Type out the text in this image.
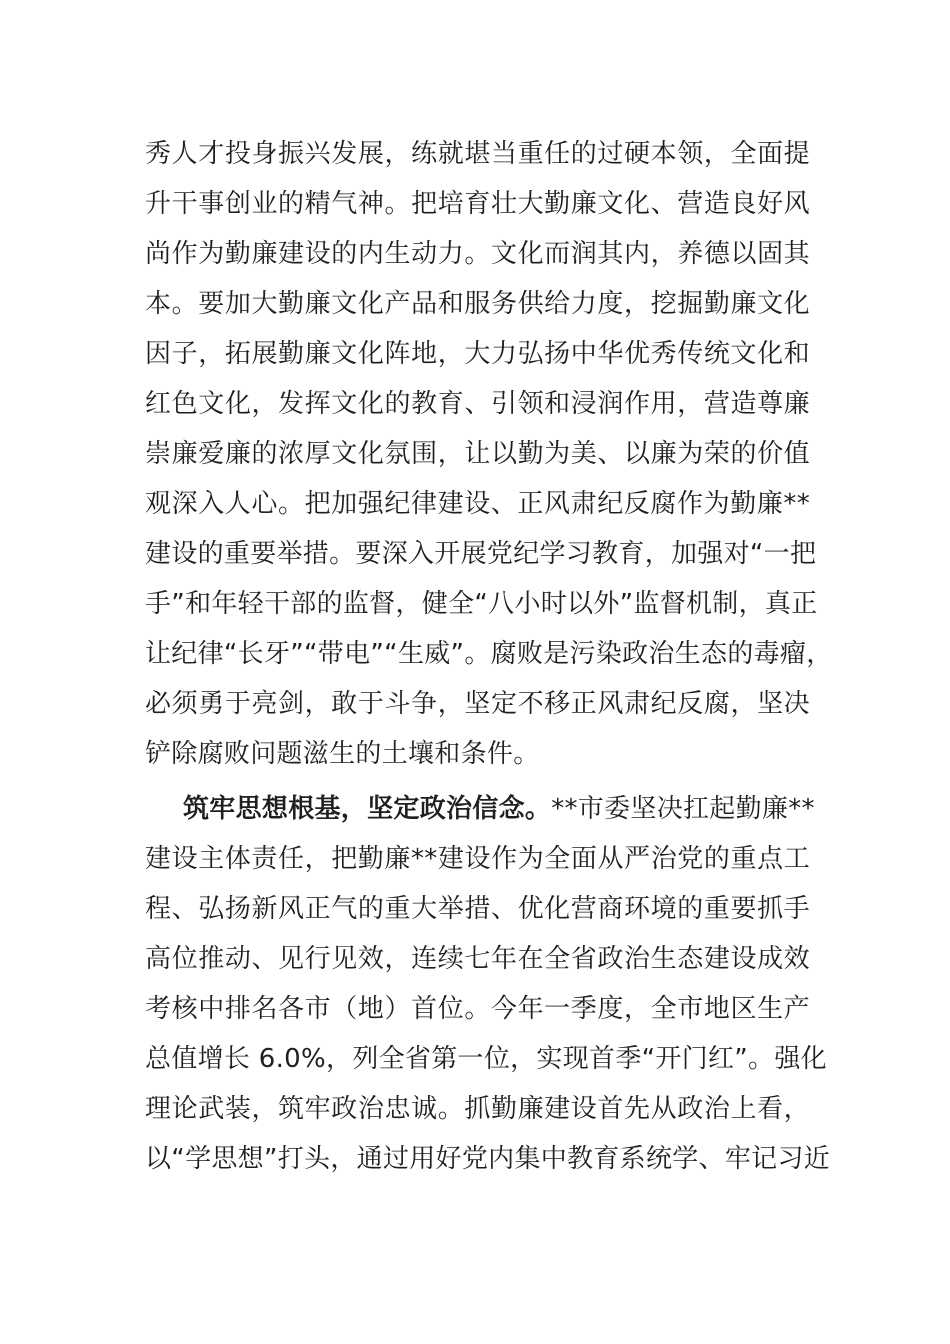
秀人才投身振兴发展，练就堪当重任的过硬本领，全面提
升干事创业的精气神。把培育壮大勤廉文化、营造良好风
尚作为勤廉建设的内生动力。文化而润其内，养德以固其
本。要加大勤廉文化产品和服务供给力度，挖掘勤廉文化
因子，拓展勤廉文化阵地，大力弘扬中华优秀传统文化和
红色文化，发挥文化的教育、引领和浸润作用，营造尊廉
崇廉爱廉的浓厚文化氛围，让以勤为美、以廉为荣的价值
观深入人心。把加强纪律建设、正风肃纪反腐作为勤廉**
建设的重要举措。要深入开展党纪学习教育，加强对“一把
手”和年轻干部的监督，健全“八小时以外”监督机制，真正
让纪律“长牙”“带电”“生威”。腐败是污染政治生态的毒瘤，
必须勇于亮剑，敢于斗争，坚定不移正风肃纪反腐，坚决
铲除腐败问题滋生的土壤和条件。
筑牢思想根基，坚定政治信念。**市委坚决扛起勤廉**
建设主体责任，把勤廉**建设作为全面从严治党的重点工
程、弘扬新风正气的重大举措、优化营商环境的重要抓手
高位推动、见行见效，连续七年在全省政治生态建设成效
考核中排名各市（地）首位。今年一季度，全市地区生产
总值增长 6.0%，列全省第一位，实现首季“开门红”。强化
理论武装，筑牢政治忠诚。抓勤廉建设首先从政治上看，
以“学思想”打头，通过用好党内集中教育系统学、牢记习近
